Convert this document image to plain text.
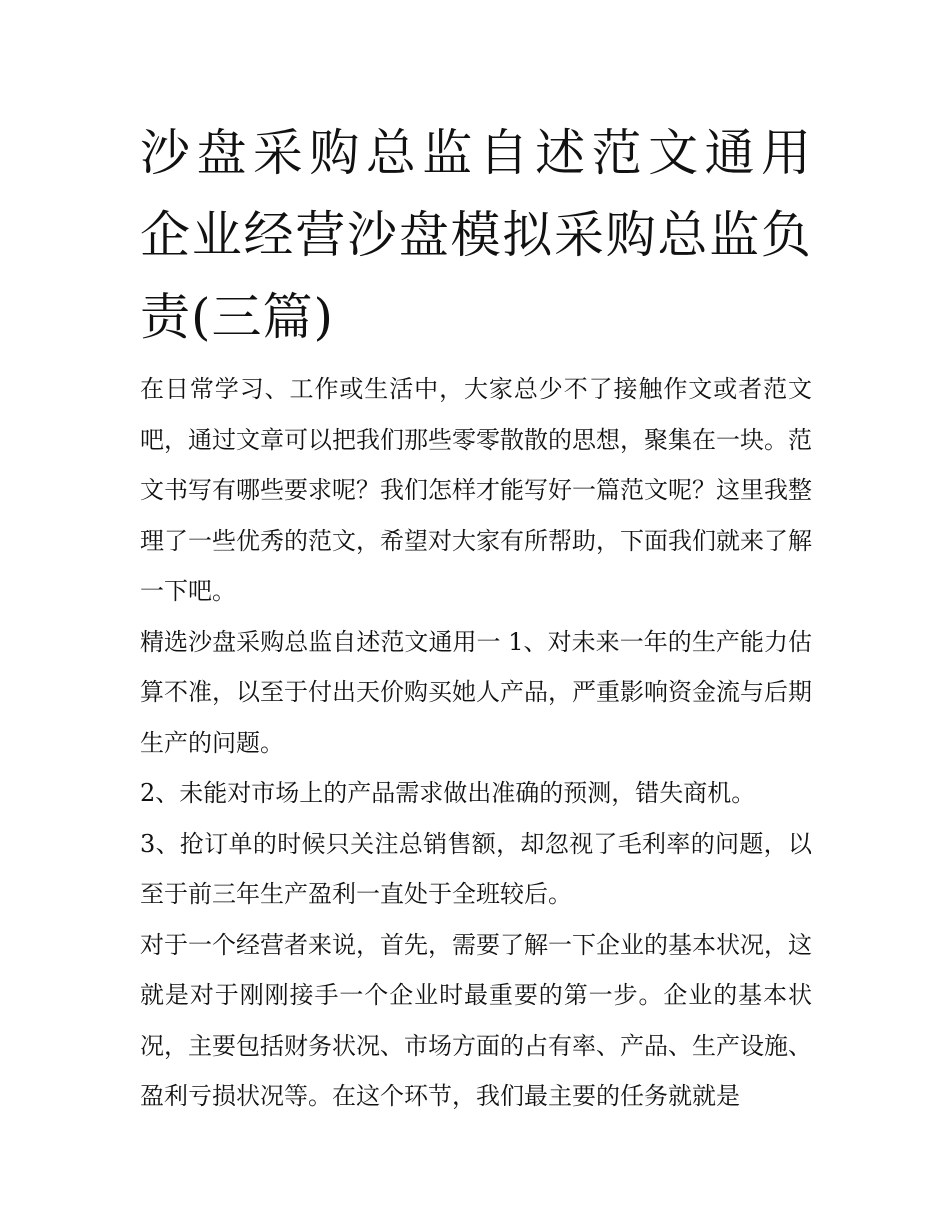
沙盘采购总监自述范文通用 企业经营沙盘模拟采购总监负责(三篇)

在日常学习、工作或生活中，大家总少不了接触作文或者范文吧，通过文章可以把我们那些零零散散的思想，聚集在一块。范文书写有哪些要求呢？我们怎样才能写好一篇范文呢？这里我整理了一些优秀的范文，希望对大家有所帮助，下面我们就来了解一下吧。

精选沙盘采购总监自述范文通用一 1、对未来一年的生产能力估算不准，以至于付出天价购买她人产品，严重影响资金流与后期生产的问题。

2、未能对市场上的产品需求做出准确的预测，错失商机。

3、抢订单的时候只关注总销售额，却忽视了毛利率的问题，以至于前三年生产盈利一直处于全班较后。

对于一个经营者来说，首先，需要了解一下企业的基本状况，这就是对于刚刚接手一个企业时最重要的第一步。企业的基本状况，主要包括财务状况、市场方面的占有率、产品、生产设施、盈利亏损状况等。在这个环节，我们最主要的任务就就是
